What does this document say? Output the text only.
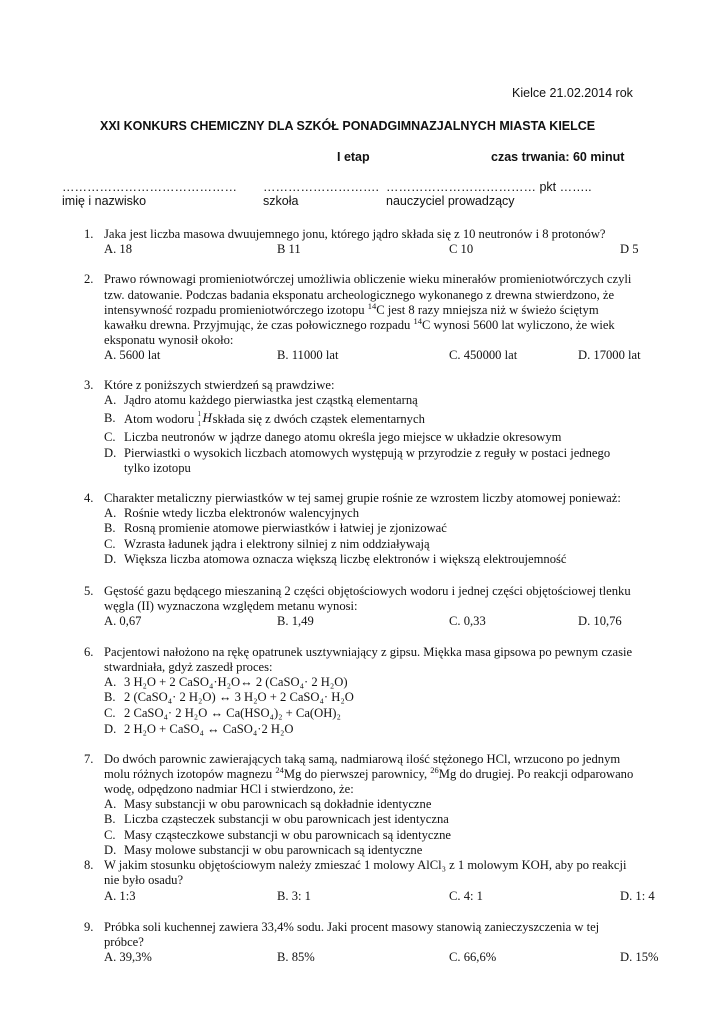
Kielce 21.02.2014 rok
XXI KONKURS CHEMICZNY DLA SZKÓŁ PONADGIMNAZJALNYCH MIASTA KIELCE
I etap	czas trwania: 60 minut
…………………………………… ………………………. ……………………………… pkt ……..
imię i nazwisko	szkoła	nauczyciel prowadzący
1. Jaka jest liczba masowa dwuujemnego jonu, którego jądro składa się z 10 neutronów i 8 protonów?
A. 18	B 11	C 10	D 5
2. Prawo równowagi promieniotwórczej umożliwia obliczenie wieku minerałów promieniotwórczych czyli
tzw. datowanie. Podczas badania eksponatu archeologicznego wykonanego z drewna stwierdzono, że
intensywność rozpadu promieniotwórczego izotopu $^{14}$C jest 8 razy mniejsza niż w świeżo ściętym
kawałku drewna. Przyjmując, że czas połowicznego rozpadu $^{14}$C wynosi 5600 lat wyliczono, że wiek
eksponatu wynosił około:
A. 5600 lat	B. 11000 lat	C. 450000 lat	D. 17000 lat
3. Które z poniższych stwierdzeń są prawdziwe:
A. Jądro atomu każdego pierwiastka jest cząstką elementarną
B. Atom wodoru 1
1 H
składa się z dwóch cząstek elementarnych
C. Liczba neutronów w jądrze danego atomu określa jego miejsce w układzie okresowym
D. Pierwiastki o wysokich liczbach atomowych występują w przyrodzie z reguły w postaci jednego
tylko izotopu
4. Charakter metaliczny pierwiastków w tej samej grupie rośnie ze wzrostem liczby atomowej ponieważ:
A. Rośnie wtedy liczba elektronów walencyjnych
B. Rosną promienie atomowe pierwiastków i łatwiej je zjonizować
C. Wzrasta ładunek jądra i elektrony silniej z nim oddziaływają
D. Większa liczba atomowa oznacza większą liczbę elektronów i większą elektroujemność
5. Gęstość gazu będącego mieszaniną 2 części objętościowych wodoru i jednej części objętościowej tlenku
węgla (II) wyznaczona względem metanu wynosi:
A. 0,67	B. 1,49	C. 0,33	D. 10,76
6. Pacjentowi nałożono na rękę opatrunek usztywniający z gipsu. Miękka masa gipsowa po pewnym czasie
stwardniała, gdyż zaszedł proces:
A. 3 H₂O + 2 CaSO₄·H₂O↔ 2 (CaSO₄· 2 H₂O)
B. 2 (CaSO₄· 2 H₂O) ↔ 3 H₂O + 2 CaSO₄· H₂O
C. 2 CaSO₄· 2 H₂O ↔ Ca(HSO₄)₂ + Ca(OH)₂
D. 2 H₂O + CaSO₄ ↔ CaSO₄·2 H₂O
7. Do dwóch parownic zawierających taką samą, nadmiarową ilość stężonego HCl, wrzucono po jednym
molu różnych izotopów magnezu $^{24}$Mg do pierwszej parownicy, $^{26}$Mg do drugiej. Po reakcji odparowano
wodę, odpędzono nadmiar HCl i stwierdzono, że:
A. Masy substancji w obu parownicach są dokładnie identyczne
B. Liczba cząsteczek substancji w obu parownicach jest identyczna
C. Masy cząsteczkowe substancji w obu parownicach są identyczne
D. Masy molowe substancji w obu parownicach są identyczne
8. W jakim stosunku objętościowym należy zmieszać 1 molowy AlCl₃ z 1 molowym KOH, aby po reakcji
nie było osadu?
A. 1:3	B. 3: 1	C. 4: 1	D. 1: 4
9. Próbka soli kuchennej zawiera 33,4% sodu. Jaki procent masowy stanowią zanieczyszczenia w tej
próbce?
A. 39,3%	B. 85%	C. 66,6%	D. 15%
